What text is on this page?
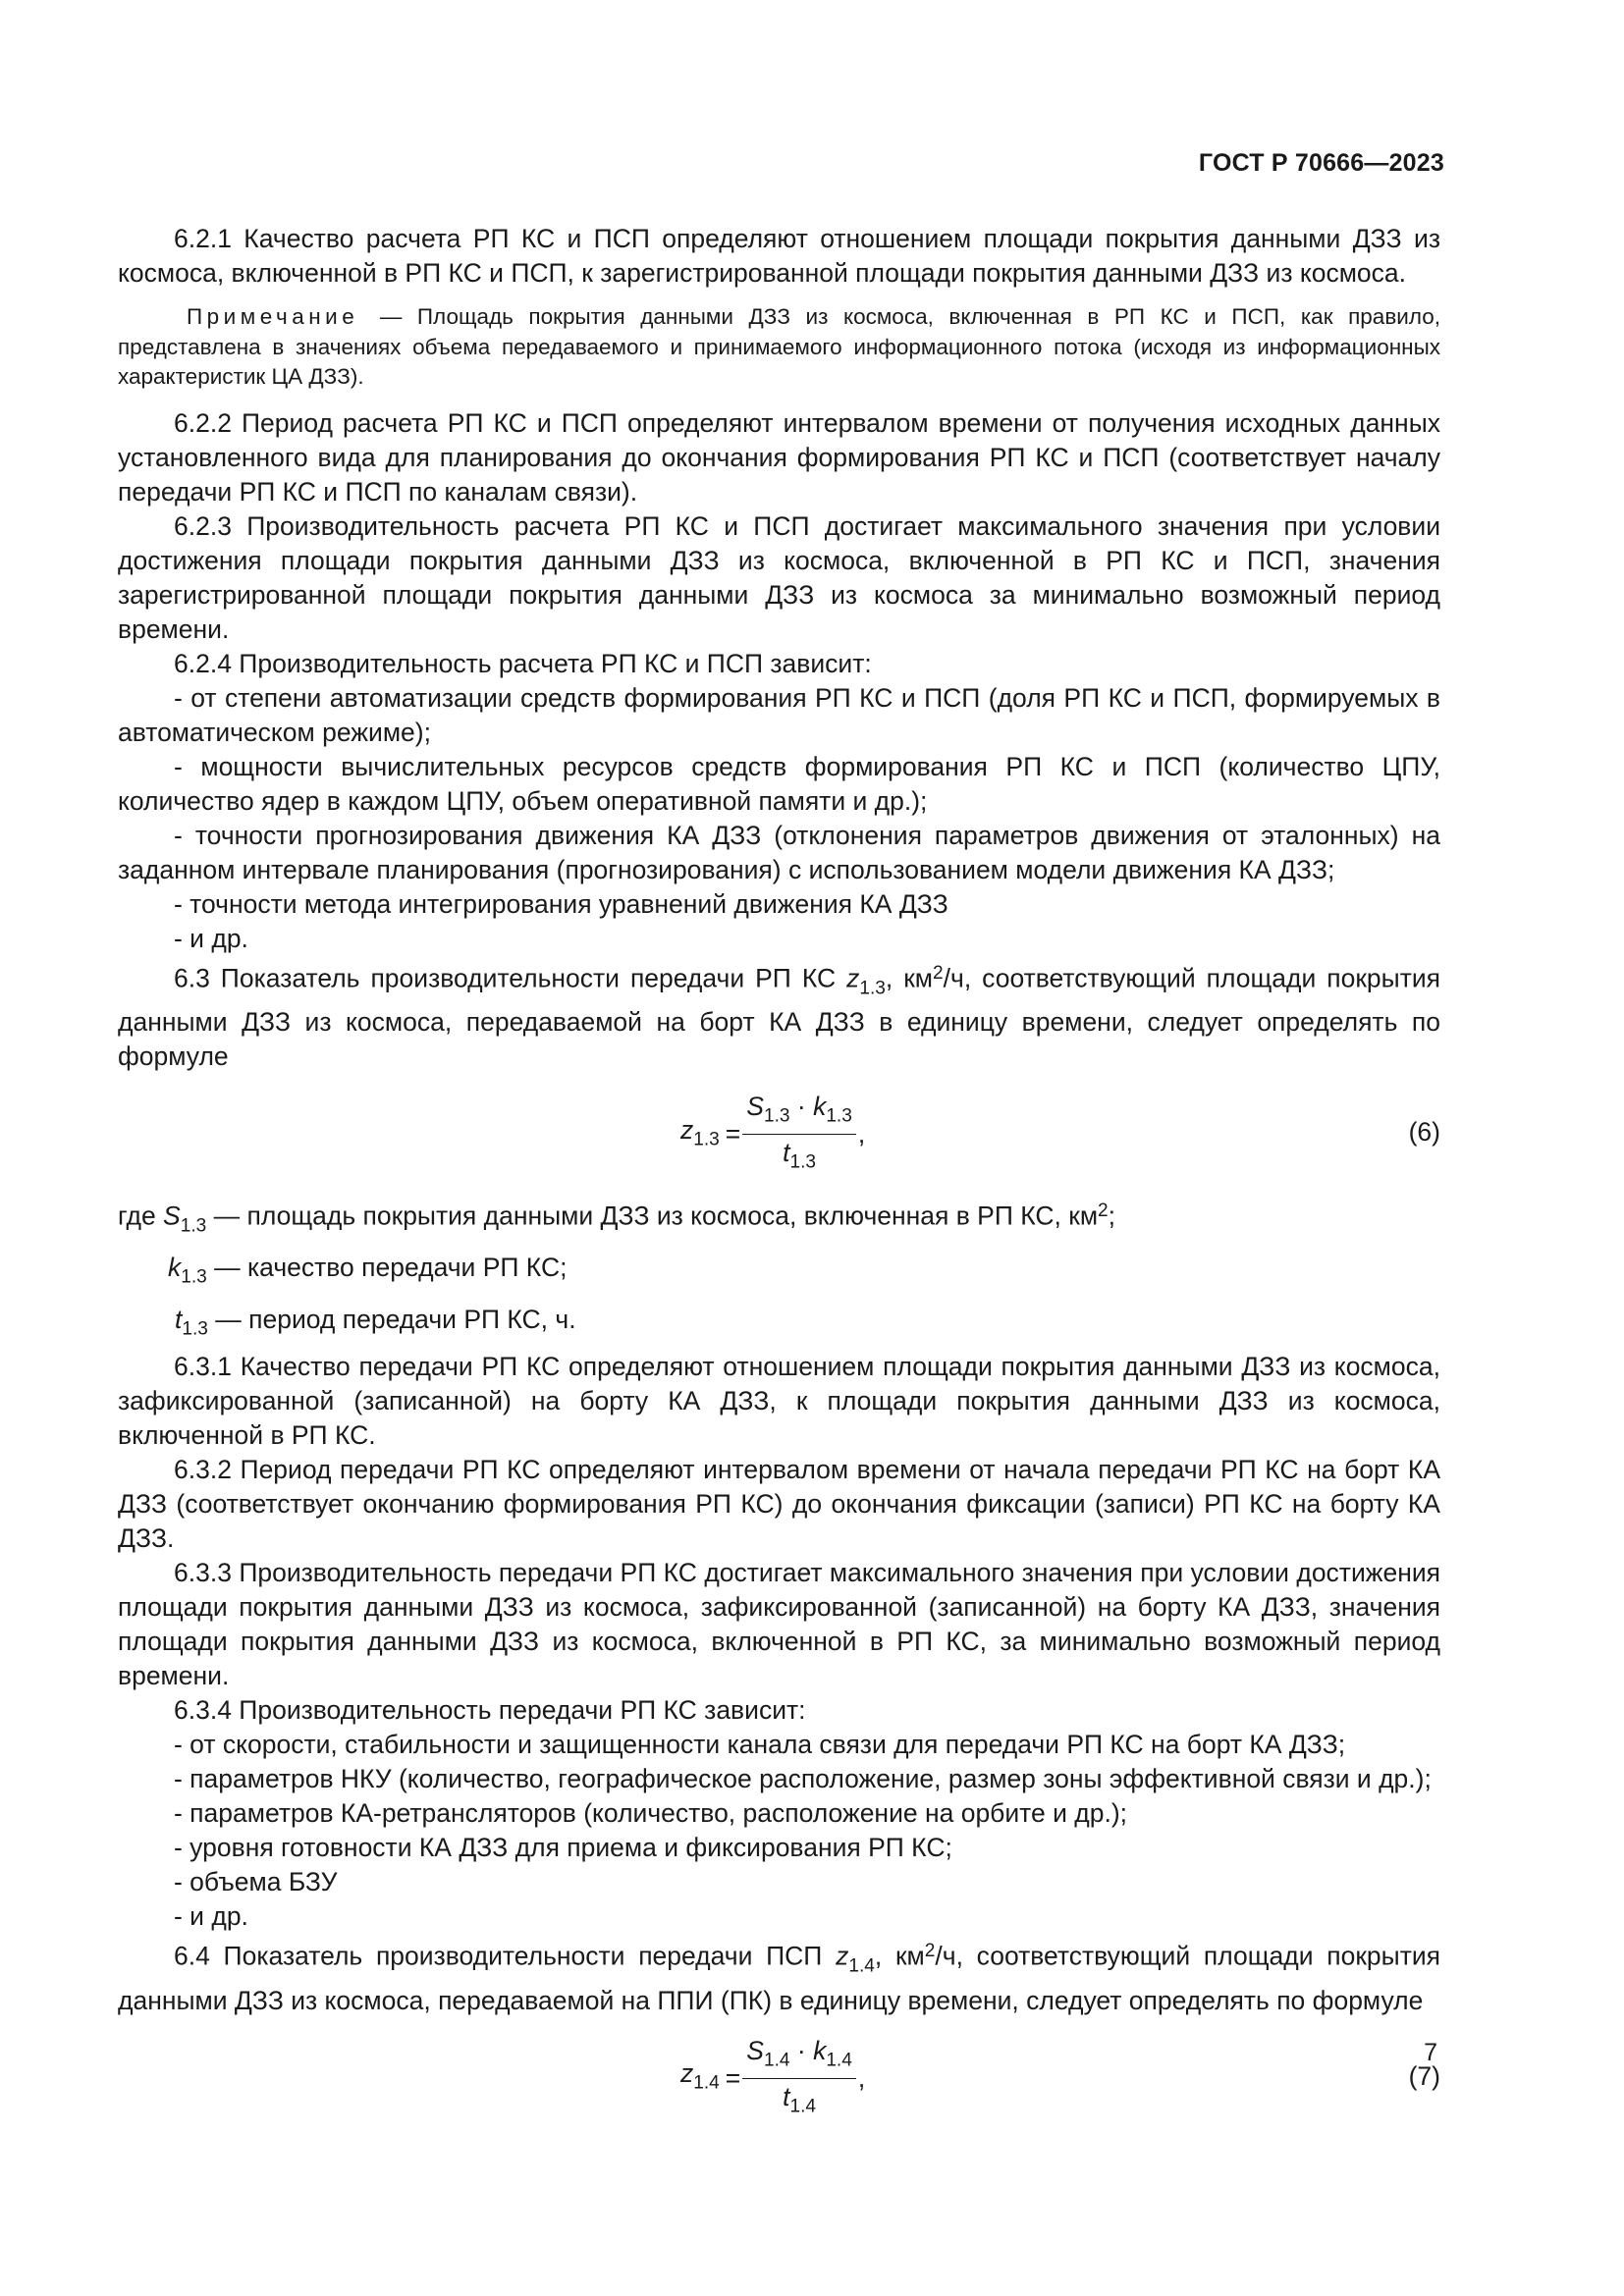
ГОСТ Р 70666—2023

6.2.1 Качество расчета РП КС и ПСП определяют отношением площади покрытия данными ДЗЗ из космоса, включенной в РП КС и ПСП, к зарегистрированной площади покрытия данными ДЗЗ из космоса.

Примечание — Площадь покрытия данными ДЗЗ из космоса, включенная в РП КС и ПСП, как правило, представлена в значениях объема передаваемого и принимаемого информационного потока (исходя из информационных характеристик ЦА ДЗЗ).

6.2.2 Период расчета РП КС и ПСП определяют интервалом времени от получения исходных данных установленного вида для планирования до окончания формирования РП КС и ПСП (соответствует началу передачи РП КС и ПСП по каналам связи).

6.2.3 Производительность расчета РП КС и ПСП достигает максимального значения при условии достижения площади покрытия данными ДЗЗ из космоса, включенной в РП КС и ПСП, значения зарегистрированной площади покрытия данными ДЗЗ из космоса за минимально возможный период времени.

6.2.4 Производительность расчета РП КС и ПСП зависит:

- от степени автоматизации средств формирования РП КС и ПСП (доля РП КС и ПСП, формируемых в автоматическом режиме);

- мощности вычислительных ресурсов средств формирования РП КС и ПСП (количество ЦПУ, количество ядер в каждом ЦПУ, объем оперативной памяти и др.);

- точности прогнозирования движения КА ДЗЗ (отклонения параметров движения от эталонных) на заданном интервале планирования (прогнозирования) с использованием модели движения КА ДЗЗ;

- точности метода интегрирования уравнений движения КА ДЗЗ

- и др.

6.3 Показатель производительности передачи РП КС $z_{1.3}$, $км^2/ч$, соответствующий площади покрытия данными ДЗЗ из космоса, передаваемой на борт КА ДЗЗ в единицу времени, следует определять по формуле

$z_{1.3} = \frac{S_{1.3} \cdot k_{1.3}}{t_{1.3}}$ ,	(6)

где $S_{1.3}$ — площадь покрытия данными ДЗЗ из космоса, включенная в РП КС, $км^2$;

$k_{1.3}$ — качество передачи РП КС;

$t_{1.3}$ — период передачи РП КС, ч.

6.3.1 Качество передачи РП КС определяют отношением площади покрытия данными ДЗЗ из космоса, зафиксированной (записанной) на борту КА ДЗЗ, к площади покрытия данными ДЗЗ из космоса, включенной в РП КС.

6.3.2 Период передачи РП КС определяют интервалом времени от начала передачи РП КС на борт КА ДЗЗ (соответствует окончанию формирования РП КС) до окончания фиксации (записи) РП КС на борту КА ДЗЗ.

6.3.3 Производительность передачи РП КС достигает максимального значения при условии достижения площади покрытия данными ДЗЗ из космоса, зафиксированной (записанной) на борту КА ДЗЗ, значения площади покрытия данными ДЗЗ из космоса, включенной в РП КС, за минимально возможный период времени.

6.3.4 Производительность передачи РП КС зависит:

- от скорости, стабильности и защищенности канала связи для передачи РП КС на борт КА ДЗЗ;

- параметров НКУ (количество, географическое расположение, размер зоны эффективной связи и др.);

- параметров КА-ретрансляторов (количество, расположение на орбите и др.);

- уровня готовности КА ДЗЗ для приема и фиксирования РП КС;

- объема БЗУ

- и др.

6.4 Показатель производительности передачи ПСП $z_{1.4}$, $км^2/ч$, соответствующий площади покрытия данными ДЗЗ из космоса, передаваемой на ППИ (ПК) в единицу времени, следует определять по формуле

$z_{1.4} = \frac{S_{1.4} \cdot k_{1.4}}{t_{1.4}}$ ,	(7)
7
